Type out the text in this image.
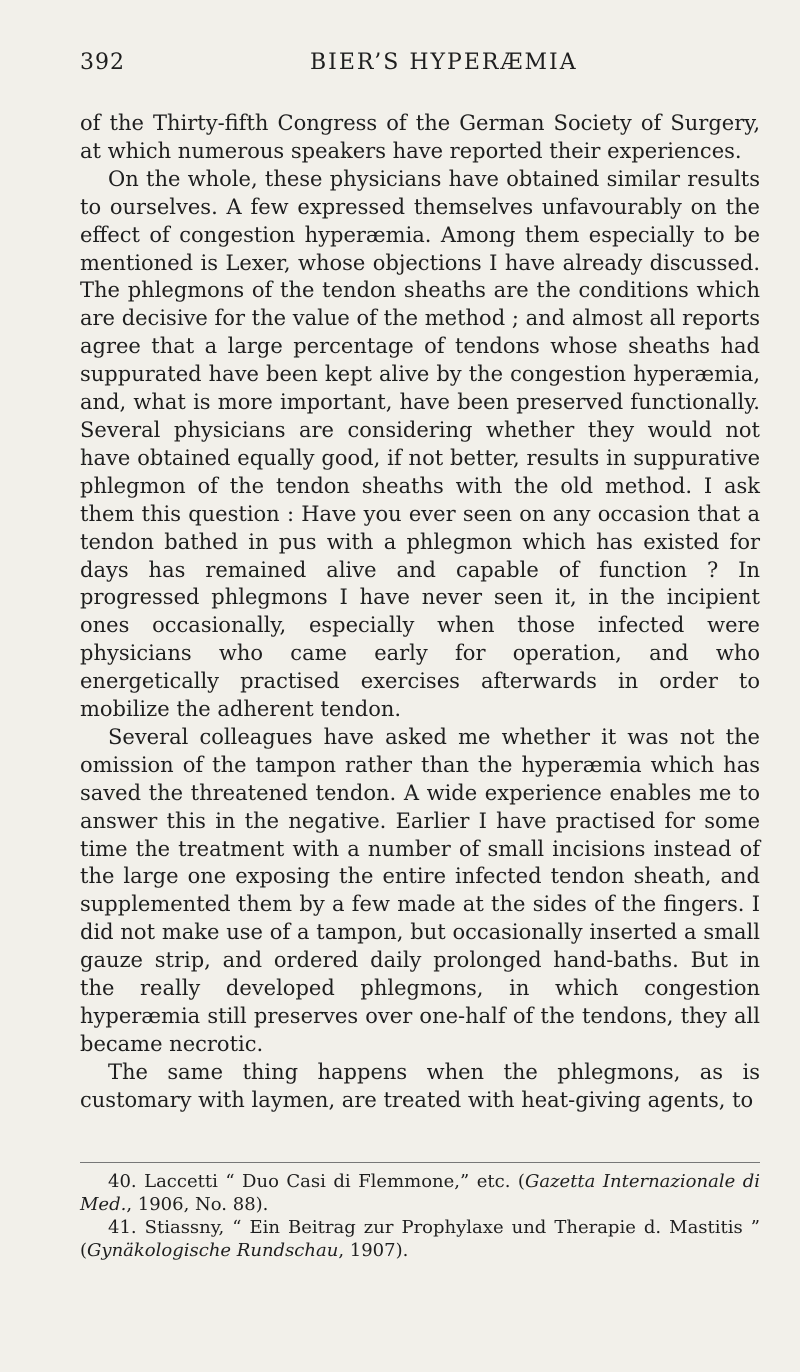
392	BIER’S HYPERÆMIA

of the Thirty-fifth Congress of the German Society of Surgery, at which numerous speakers have reported their experiences.

On the whole, these physicians have obtained similar results to ourselves. A few expressed themselves unfavourably on the effect of congestion hyperæmia. Among them especially to be mentioned is Lexer, whose objections I have already discussed. The phlegmons of the tendon sheaths are the conditions which are decisive for the value of the method ; and almost all reports agree that a large percentage of tendons whose sheaths had suppurated have been kept alive by the congestion hyperæmia, and, what is more important, have been preserved functionally. Several physicians are considering whether they would not have obtained equally good, if not better, results in suppurative phlegmon of the tendon sheaths with the old method. I ask them this question : Have you ever seen on any occasion that a tendon bathed in pus with a phlegmon which has existed for days has remained alive and capable of function ? In progressed phlegmons I have never seen it, in the incipient ones occasionally, especially when those infected were physicians who came early for operation, and who energetically practised exercises afterwards in order to mobilize the adherent tendon.

Several colleagues have asked me whether it was not the omission of the tampon rather than the hyperæmia which has saved the threatened tendon. A wide experience enables me to answer this in the negative. Earlier I have practised for some time the treatment with a number of small incisions instead of the large one exposing the entire infected tendon sheath, and supplemented them by a few made at the sides of the fingers. I did not make use of a tampon, but occasionally inserted a small gauze strip, and ordered daily prolonged hand-baths. But in the really developed phlegmons, in which congestion hyperæmia still preserves over one-half of the tendons, they all became necrotic.

The same thing happens when the phlegmons, as is customary with laymen, are treated with heat-giving agents, to

40. Laccetti “ Duo Casi di Flemmone,” etc. (Gazetta Internazionale di Med., 1906, No. 88).

41. Stiassny, “ Ein Beitrag zur Prophylaxe und Therapie d. Mastitis ” (Gynäkologische Rundschau, 1907).
